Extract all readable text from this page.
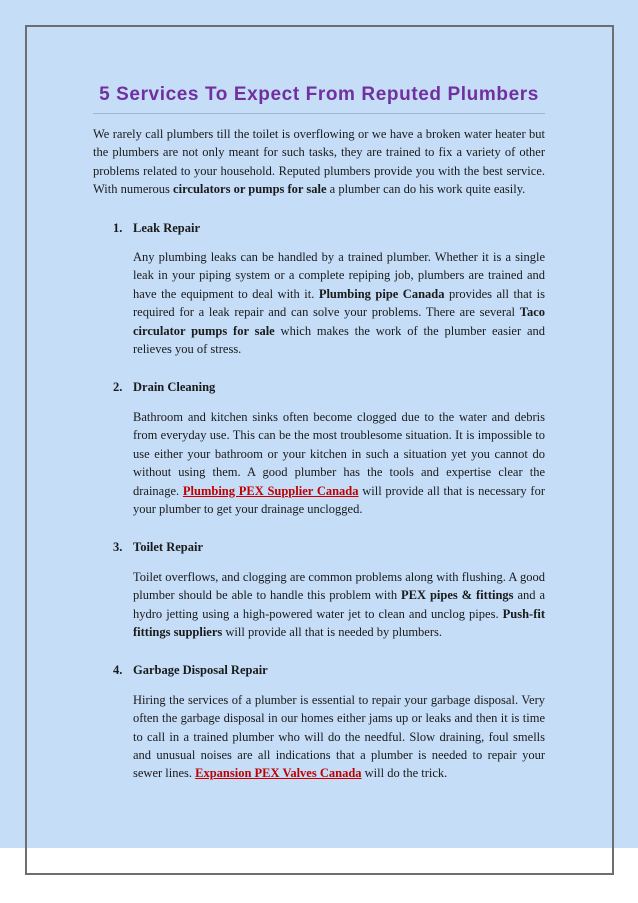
5 Services To Expect From Reputed Plumbers

We rarely call plumbers till the toilet is overflowing or we have a broken water heater but the plumbers are not only meant for such tasks, they are trained to fix a variety of other problems related to your household. Reputed plumbers provide you with the best service. With numerous circulators or pumps for sale a plumber can do his work quite easily.

1. Leak Repair

Any plumbing leaks can be handled by a trained plumber. Whether it is a single leak in your piping system or a complete repiping job, plumbers are trained and have the equipment to deal with it. Plumbing pipe Canada provides all that is required for a leak repair and can solve your problems. There are several Taco circulator pumps for sale which makes the work of the plumber easier and relieves you of stress.

2. Drain Cleaning

Bathroom and kitchen sinks often become clogged due to the water and debris from everyday use. This can be the most troublesome situation. It is impossible to use either your bathroom or your kitchen in such a situation yet you cannot do without using them. A good plumber has the tools and expertise clear the drainage. Plumbing PEX Supplier Canada will provide all that is necessary for your plumber to get your drainage unclogged.

3. Toilet Repair

Toilet overflows, and clogging are common problems along with flushing. A good plumber should be able to handle this problem with PEX pipes & fittings and a hydro jetting using a high-powered water jet to clean and unclog pipes. Push-fit fittings suppliers will provide all that is needed by plumbers.

4. Garbage Disposal Repair

Hiring the services of a plumber is essential to repair your garbage disposal. Very often the garbage disposal in our homes either jams up or leaks and then it is time to call in a trained plumber who will do the needful. Slow draining, foul smells and unusual noises are all indications that a plumber is needed to repair your sewer lines. Expansion PEX Valves Canada will do the trick.
